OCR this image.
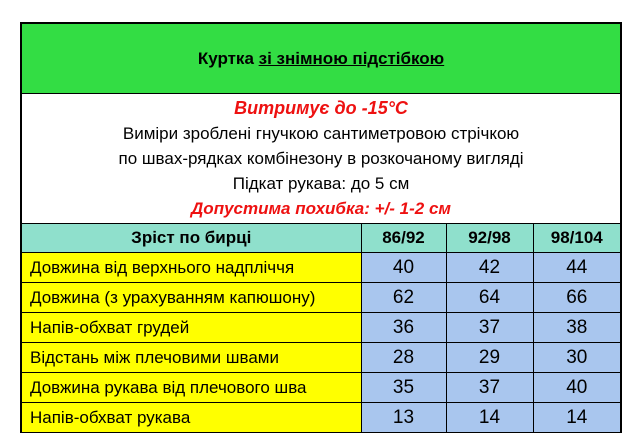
Куртка зі знімною підстібкою			
Витримує до -15°C			
Виміри зроблені гнучкою сантиметровою стрічкою			
по швах-рядках комбінезону в розкочаному вигляді			
Підкат рукава: до 5 см			
Допустима похибка: +/- 1-2 см			
Зріст по бирці	86/92	92/98	98/104
Довжина від верхнього надпліччя	40	42	44
Довжина (з урахуванням капюшону)	62	64	66
Напів-обхват грудей	36	37	38
Відстань між плечовими швами	28	29	30
Довжина рукава від плечового шва	35	37	40
Напів-обхват рукава	13	14	14
